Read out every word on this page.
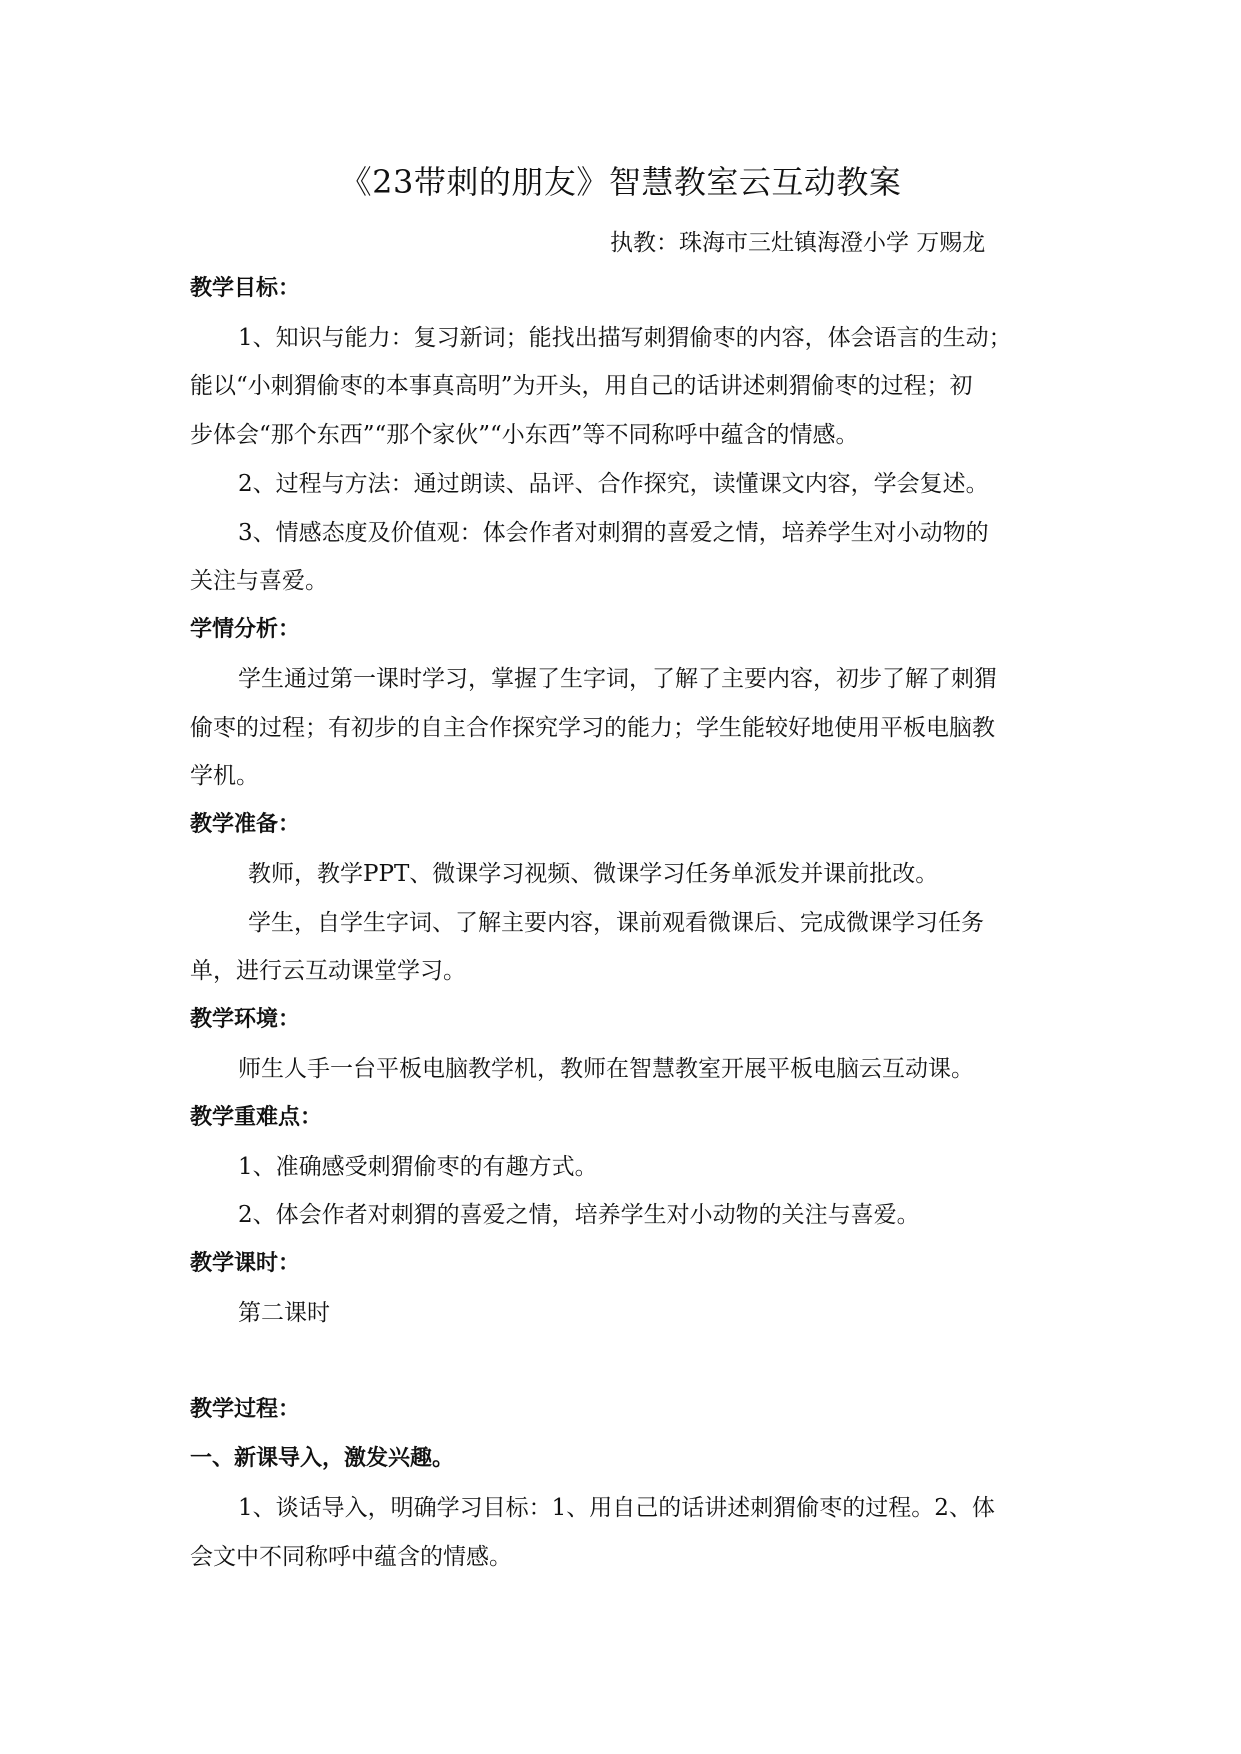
《23带刺的朋友》智慧教室云互动教案
执教：珠海市三灶镇海澄小学 万赐龙
教学目标：
1、知识与能力：复习新词；能找出描写刺猬偷枣的内容，体会语言的生动；
能以“小刺猬偷枣的本事真高明”为开头，用自己的话讲述刺猬偷枣的过程；初
步体会“那个东西”“那个家伙”“小东西”等不同称呼中蕴含的情感。
2、过程与方法：通过朗读、品评、合作探究，读懂课文内容，学会复述。
3、情感态度及价值观：体会作者对刺猬的喜爱之情，培养学生对小动物的
关注与喜爱。
学情分析：
学生通过第一课时学习，掌握了生字词，了解了主要内容，初步了解了刺猬
偷枣的过程；有初步的自主合作探究学习的能力；学生能较好地使用平板电脑教
学机。
教学准备：
教师，教学PPT、微课学习视频、微课学习任务单派发并课前批改。
学生，自学生字词、了解主要内容，课前观看微课后、完成微课学习任务
单，进行云互动课堂学习。
教学环境：
师生人手一台平板电脑教学机，教师在智慧教室开展平板电脑云互动课。
教学重难点：
1、准确感受刺猬偷枣的有趣方式。
2、体会作者对刺猬的喜爱之情，培养学生对小动物的关注与喜爱。
教学课时：
第二课时
教学过程：
一、新课导入，激发兴趣。
1、谈话导入，明确学习目标：1、用自己的话讲述刺猬偷枣的过程。2、体
会文中不同称呼中蕴含的情感。
